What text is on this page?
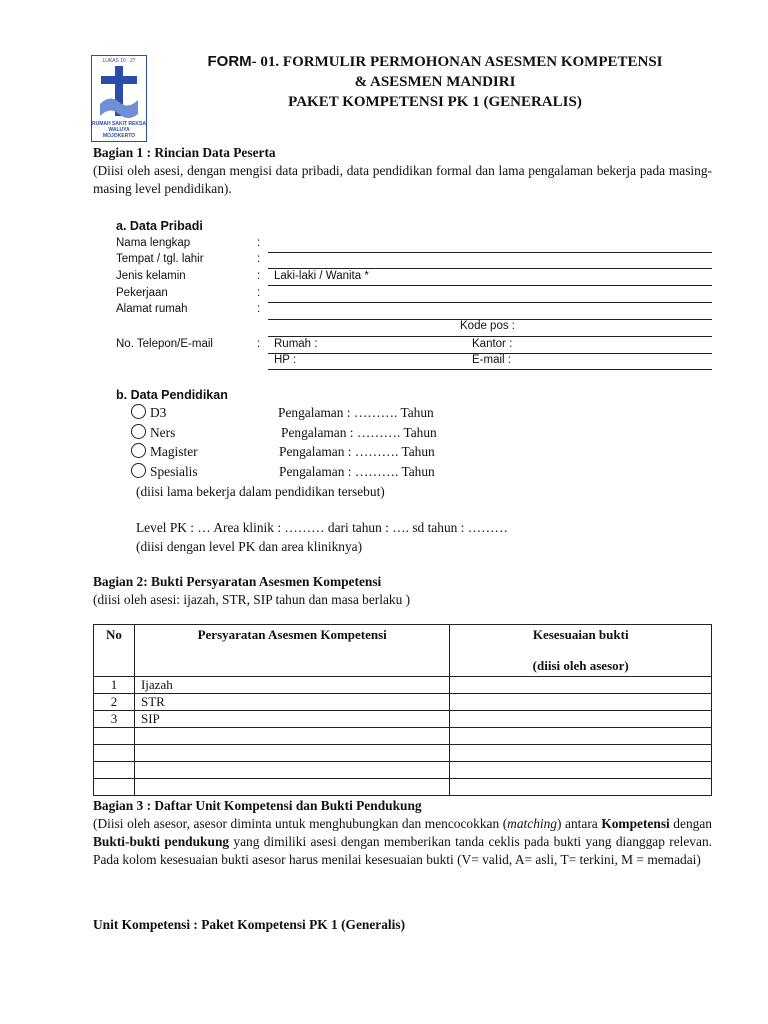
LUKAS 10 : 27
RUMAH SAKIT REKSA WALUYA MOJOKERTO
FORM- 01. FORMULIR PERMOHONAN ASESMEN KOMPETENSI
& ASESMEN MANDIRI
PAKET KOMPETENSI PK 1 (GENERALIS)
Bagian 1 : Rincian Data Peserta
(Diisi oleh asesi, dengan mengisi data pribadi, data pendidikan formal dan lama pengalaman bekerja pada masing-masing level pendidikan).
a. Data Pribadi
Nama lengkap	:
Tempat / tgl. lahir	:
Jenis kelamin	: Laki-laki / Wanita *
Pekerjaan	:
Alamat rumah	:
Kode pos :
No. Telepon/E-mail	: Rumah :	Kantor :
HP :	E-mail :
b. Data Pendidikan
D3	Pengalaman : ………. Tahun
Ners	Pengalaman : ………. Tahun
Magister	Pengalaman : ………. Tahun
Spesialis	Pengalaman : ………. Tahun
(diisi lama bekerja dalam pendidikan tersebut)
Level PK : … Area klinik : ……… dari tahun : …. sd tahun : ………
(diisi dengan level PK dan area kliniknya)
Bagian 2: Bukti Persyaratan Asesmen Kompetensi
(diisi oleh asesi: ijazah, STR, SIP tahun dan masa berlaku )
No	Persyaratan Asesmen Kompetensi	Kesesuaian bukti
(diisi oleh asesor)

1	Ijazah	
2	STR	
3	SIP	

Bagian 3 : Daftar Unit Kompetensi dan Bukti Pendukung
(Diisi oleh asesor, asesor diminta untuk menghubungkan dan mencocokkan (matching) antara Kompetensi dengan Bukti-bukti pendukung yang dimiliki asesi dengan memberikan tanda ceklis pada bukti yang dianggap relevan. Pada kolom kesesuaian bukti asesor harus menilai kesesuaian bukti (V= valid, A= asli, T= terkini, M = memadai)
Unit Kompetensi : Paket Kompetensi PK 1 (Generalis)
